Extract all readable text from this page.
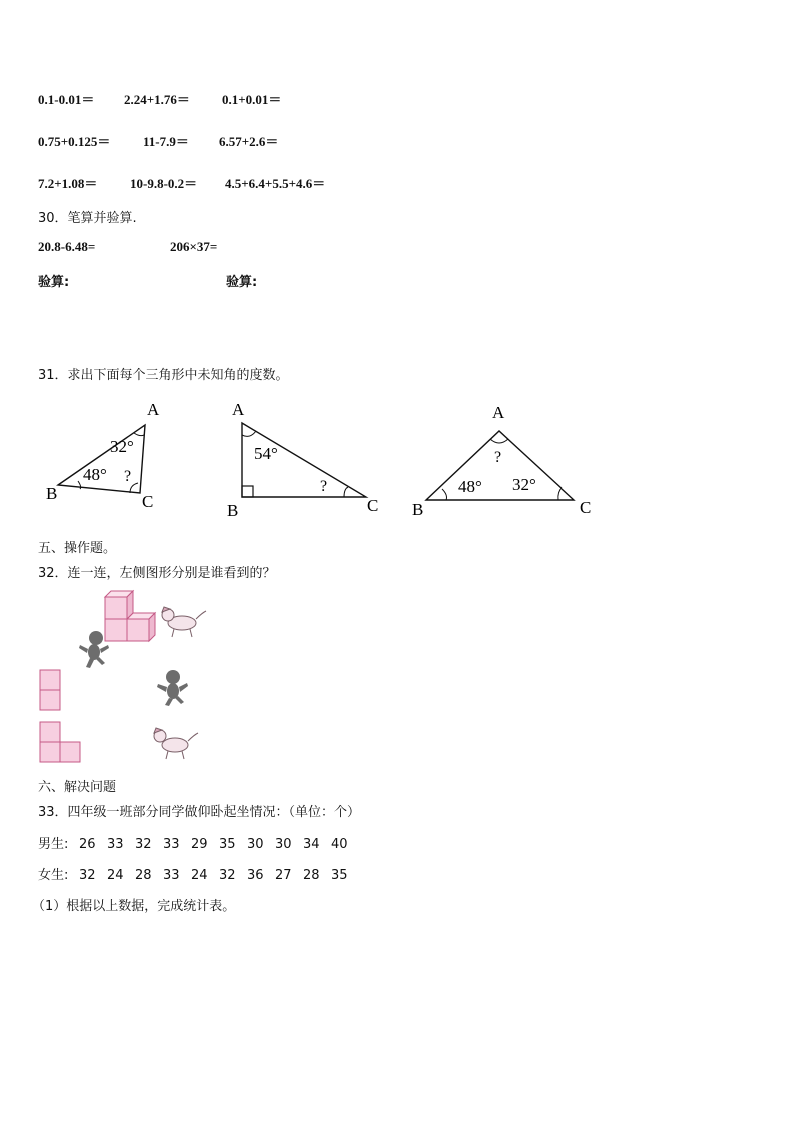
0.1-0.01＝ 2.24+1.76＝ 0.1+0.01＝
0.75+0.125＝	11-7.9＝ 6.57+2.6＝
7.2+1.08＝	10-9.8-0.2＝ 4.5+6.4+5.5+4.6＝
30．笔算并验算.
20.8-6.48=	206×37=
验算:	验算:
31．求出下面每个三角形中未知角的度数。
A
B	C
32°
48° ?
A
B	C
54°
?
A
B	C
48° 32°
?
五、操作题。
32．连一连，左侧图形分别是谁看到的？
六、解决问题
33．四年级一班部分同学做仰卧起坐情况：（单位：个）
男生: 26 33 32 33 29 35 30 30 34 40
女生: 32 24 28 33 24 32 36 27 28 35
（1）根据以上数据，完成统计表。
